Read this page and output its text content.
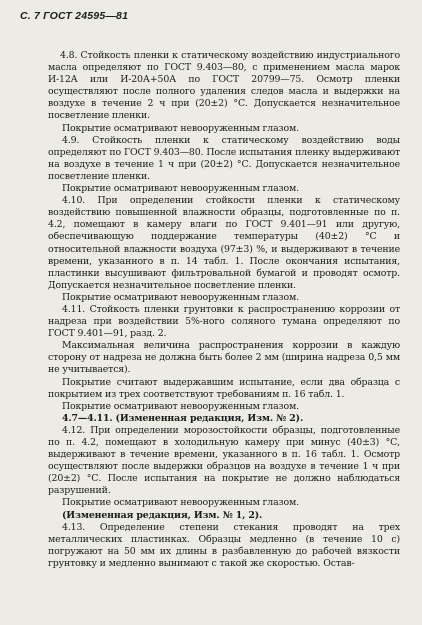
С. 7 ГОСТ 24595—81

4.8. Стойкость пленки к статическому воздействию индустриального масла определяют по ГОСТ 9.403—80, с применением масла марок И-12А или И-20А+50А по ГОСТ 20799—75. Осмотр пленки осуществляют после полного удаления следов масла и выдержки на воздухе в течение 2 ч при (20±2) °С. Допускается незначительное посветление пленки.

Покрытие осматривают невооруженным глазом.

4.9. Стойкость пленки к статическому воздействию воды определяют по ГОСТ 9.403—80. После испытания пленку выдерживают на воздухе в течение 1 ч при (20±2) °С. Допускается незначительное посветление пленки.

Покрытие осматривают невооруженным глазом.

4.10. При определении стойкости пленки к статическому воздействию повышенной влажности образцы, подготовленные по п. 4.2, помещают в камеру влаги по ГОСТ 9.401—91 или другую, обеспечивающую поддержание температуры (40±2) °С и относительной влажности воздуха (97±3) %, и выдерживают в течение времени, указанного в п. 14 табл. 1. После окончания испытания, пластинки высушивают фильтровальной бумагой и проводят осмотр. Допускается незначительное посветление пленки.

Покрытие осматривают невооруженным глазом.

4.11. Стойкость пленки грунтовки к распространению коррозии от надреза при воздействии 5%-ного соляного тумана определяют по ГОСТ 9.401—91, разд. 2.

Максимальная величина распространения коррозии в каждую сторону от надреза не должна быть более 2 мм (ширина надреза 0,5 мм не учитывается).

Покрытие считают выдержавшим испытание, если два образца с покрытием из трех соответствуют требованиям п. 16 табл. 1.

Покрытие осматривают невооруженным глазом.

4.7—4.11. (Измененная редакция, Изм. № 2).

4.12. При определении морозостойкости образцы, подготовленные по п. 4.2, помещают в холодильную камеру при минус (40±3) °С, выдерживают в течение времени, указанного в п. 16 табл. 1. Осмотр осуществляют после выдержки образцов на воздухе в течение 1 ч при (20±2) °С. После испытания на покрытие не должно наблюдаться разрушений.

Покрытие осматривают невооруженным глазом.

(Измененная редакция, Изм. № 1, 2).

4.13. Определение степени стекания проводят на трех металлических пластинках. Образцы медленно (в течение 10 с) погружают на 50 мм их длины в разбавленную до рабочей вязкости грунтовку и медленно вынимают с такой же скоростью. Остав-
